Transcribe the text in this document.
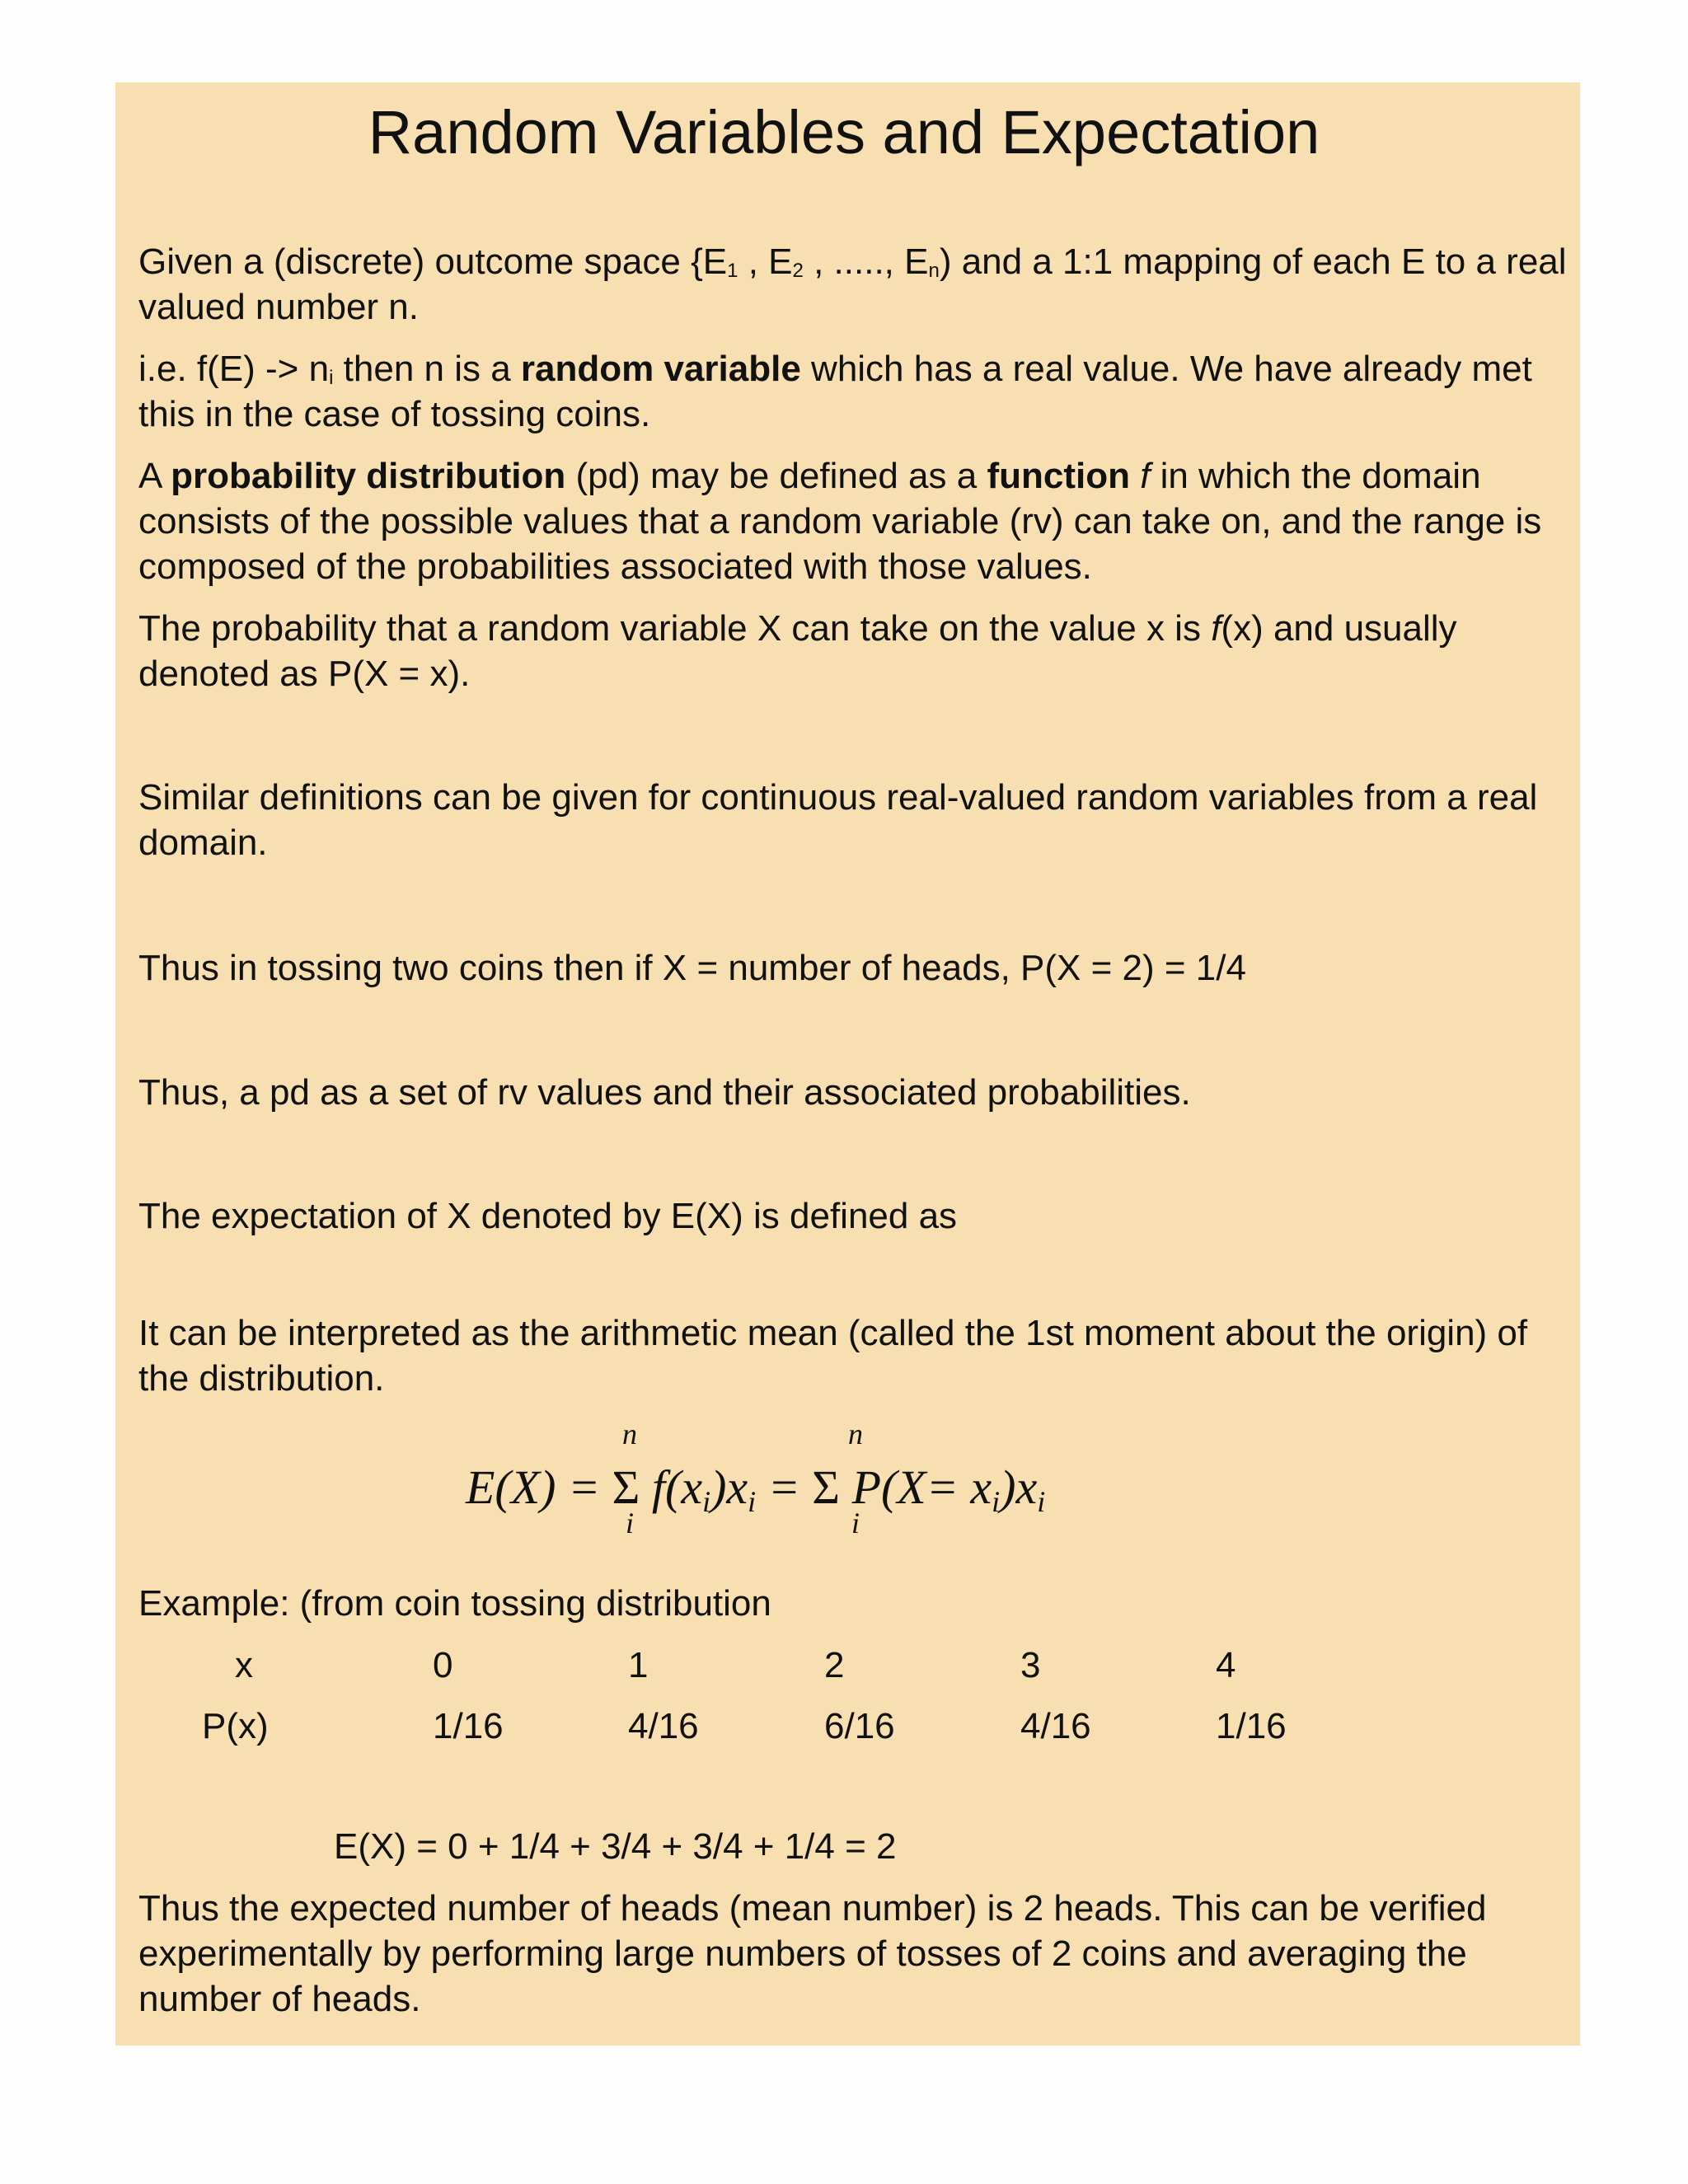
Random Variables and Expectation
Given a (discrete) outcome space {$E_1$ , $E_2$ , ....., $E_n$) and a 1:1 mapping of each E to a real valued number n.
i.e. $f(E) -> n_i$ then n is a random variable which has a real value. We have already met this in the case of tossing coins.
A probability distribution (pd) may be defined as a function f in which the domain consists of the possible values that a random variable (rv) can take on, and the range is composed of the probabilities associated with those values.
The probability that a random variable X can take on the value x is f(x) and usually denoted as P(X = x).
Similar definitions can be given for continuous real-valued random variables from a real domain.
Thus in tossing two coins then if X = number of heads, P(X = 2) = 1/4
Thus, a pd as a set of rv values and their associated probabilities.
The expectation of X denoted by E(X) is defined as
It can be interpreted as the arithmetic mean (called the 1st moment about the origin) of the distribution.
n
i
n
i
E(X) = Σ $f(x_i)x_i = \Sigma$ $P(X= x_i)x_i$
Example: (from coin tossing distribution
x	0	1	2	3	4
P(x)	1/16	4/16	6/16	4/16	1/16
E(X) = 0 + 1/4 + 3/4 + 3/4 + 1/4 = 2
Thus the expected number of heads (mean number) is 2 heads. This can be verified experimentally by performing large numbers of tosses of 2 coins and averaging the number of heads.
